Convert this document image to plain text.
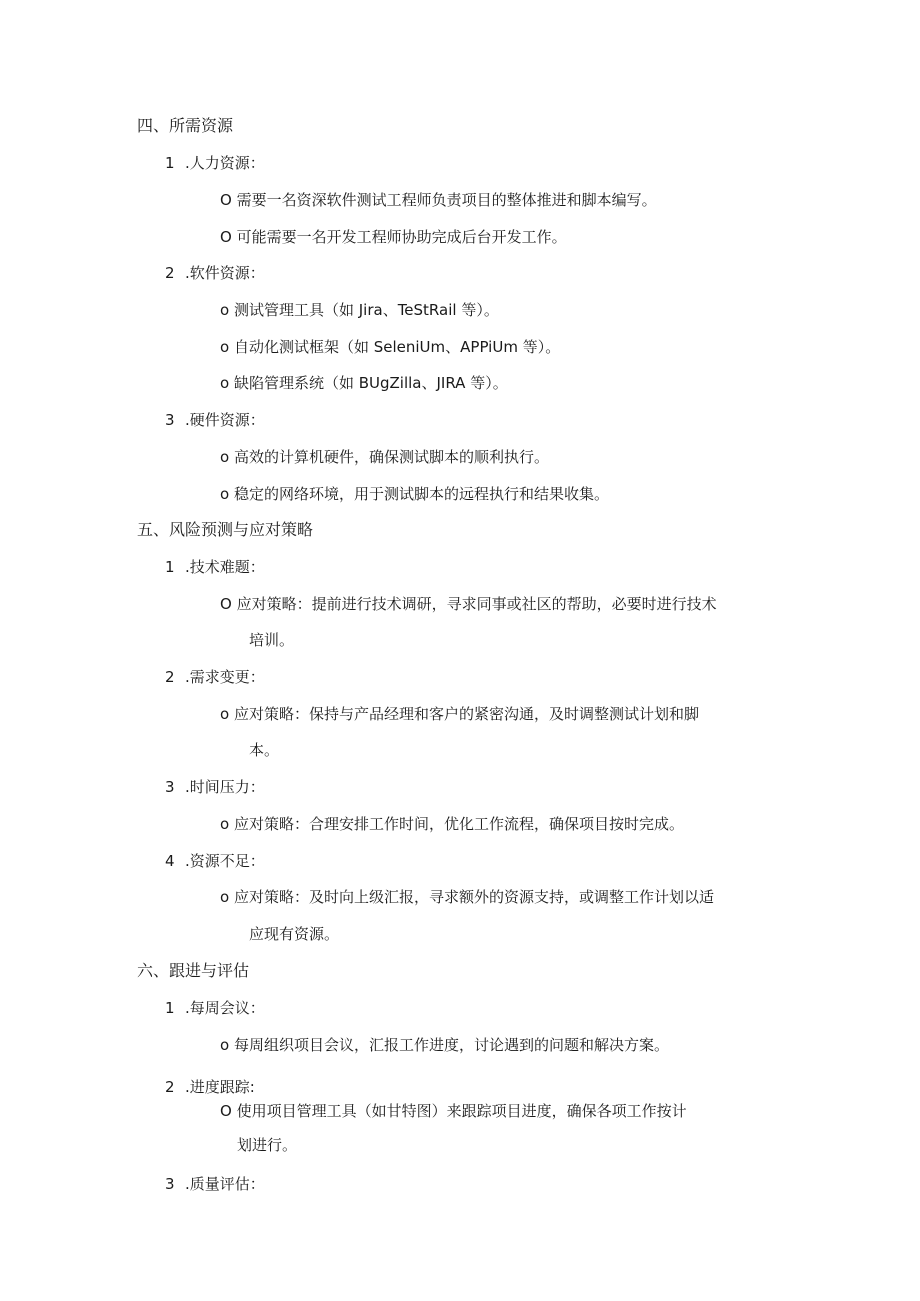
四、所需资源
1 .人力资源：
O 需要一名资深软件测试工程师负责项目的整体推进和脚本编写。
O 可能需要一名开发工程师协助完成后台开发工作。
2 .软件资源：
o 测试管理工具（如 Jira、TeStRail 等）。
o 自动化测试框架（如 SeleniUm、APPiUm 等）。
o 缺陷管理系统（如 BUgZilla、JIRA 等）。
3 .硬件资源：
o 高效的计算机硬件，确保测试脚本的顺利执行。
o 稳定的网络环境，用于测试脚本的远程执行和结果收集。
五、风险预测与应对策略
1 .技术难题：
O 应对策略：提前进行技术调研，寻求同事或社区的帮助，必要时进行技术
培训。
2 .需求变更：
o 应对策略：保持与产品经理和客户的紧密沟通，及时调整测试计划和脚
本。
3 .时间压力：
o 应对策略：合理安排工作时间，优化工作流程，确保项目按时完成。
4 .资源不足：
o 应对策略：及时向上级汇报，寻求额外的资源支持，或调整工作计划以适
应现有资源。
六、跟进与评估
1 .每周会议：
o 每周组织项目会议，汇报工作进度，讨论遇到的问题和解决方案。
2 .进度跟踪:
O 使用项目管理工具（如甘特图）来跟踪项目进度，确保各项工作按计
划进行。
3 .质量评估：
